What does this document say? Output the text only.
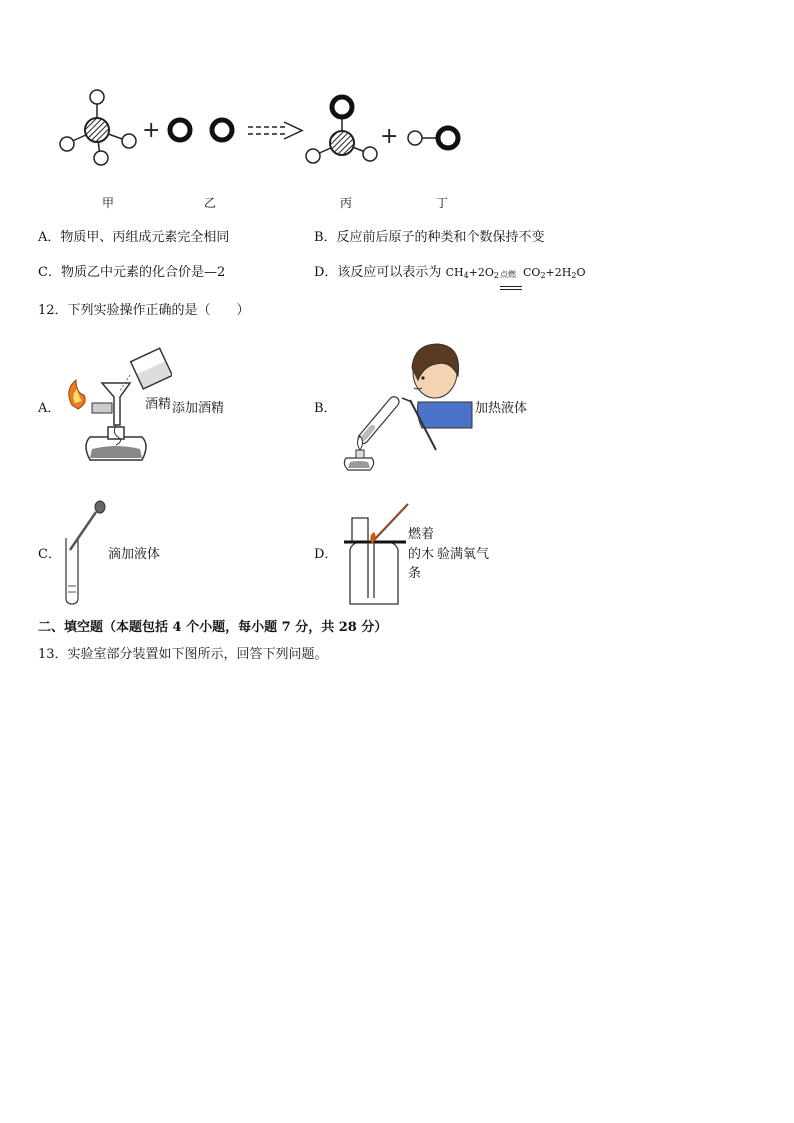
+	+
甲	乙	丙	丁
A．物质甲、丙组成元素完全相同	B．反应前后原子的种类和个数保持不变
C．物质乙中元素的化合价是—2	D．该反应可以表示为 $CH_4+2O_2$ 点燃 $CO_2+2H_2O$
12．下列实验操作正确的是（　　）
A．	酒精 添加酒精	B．	加热液体
C．	滴加液体	D．
燃着
的木 验满氧气
条
二、填空题（本题包括 4 个小题，每小题 7 分，共 28 分）
13．实验室部分装置如下图所示，回答下列问题。
